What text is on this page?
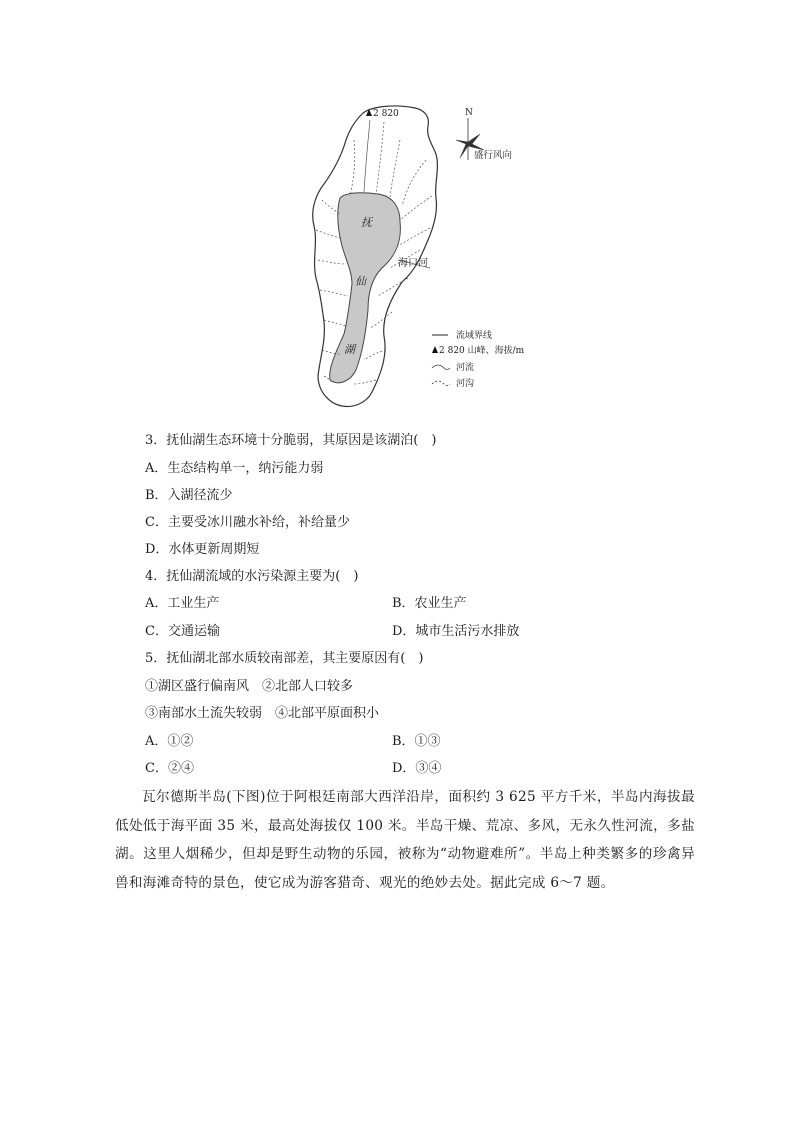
2 820
抚
仙
湖
海口河
N
盛行风向
流域界线
2 820 山峰、海拔/m
河流
河沟
3．抚仙湖生态环境十分脆弱，其原因是该湖泊(　)
A．生态结构单一，纳污能力弱
B．入湖径流少
C．主要受冰川融水补给，补给量少
D．水体更新周期短
4．抚仙湖流域的水污染源主要为(　)
A．工业生产	B．农业生产
C．交通运输	D．城市生活污水排放
5．抚仙湖北部水质较南部差，其主要原因有(　)
①湖区盛行偏南风　②北部人口较多
③南部水土流失较弱　④北部平原面积小
A．①②	B．①③
C．②④	D．③④
瓦尔德斯半岛(下图)位于阿根廷南部大西洋沿岸，面积约 3 625 平方千米，半岛内海拔最低处低于海平面 35 米，最高处海拔仅 100 米。半岛干燥、荒凉、多风，无永久性河流，多盐湖。这里人烟稀少，但却是野生动物的乐园，被称为“动物避难所”。半岛上种类繁多的珍禽异兽和海滩奇特的景色，使它成为游客猎奇、观光的绝妙去处。据此完成 6～7 题。
